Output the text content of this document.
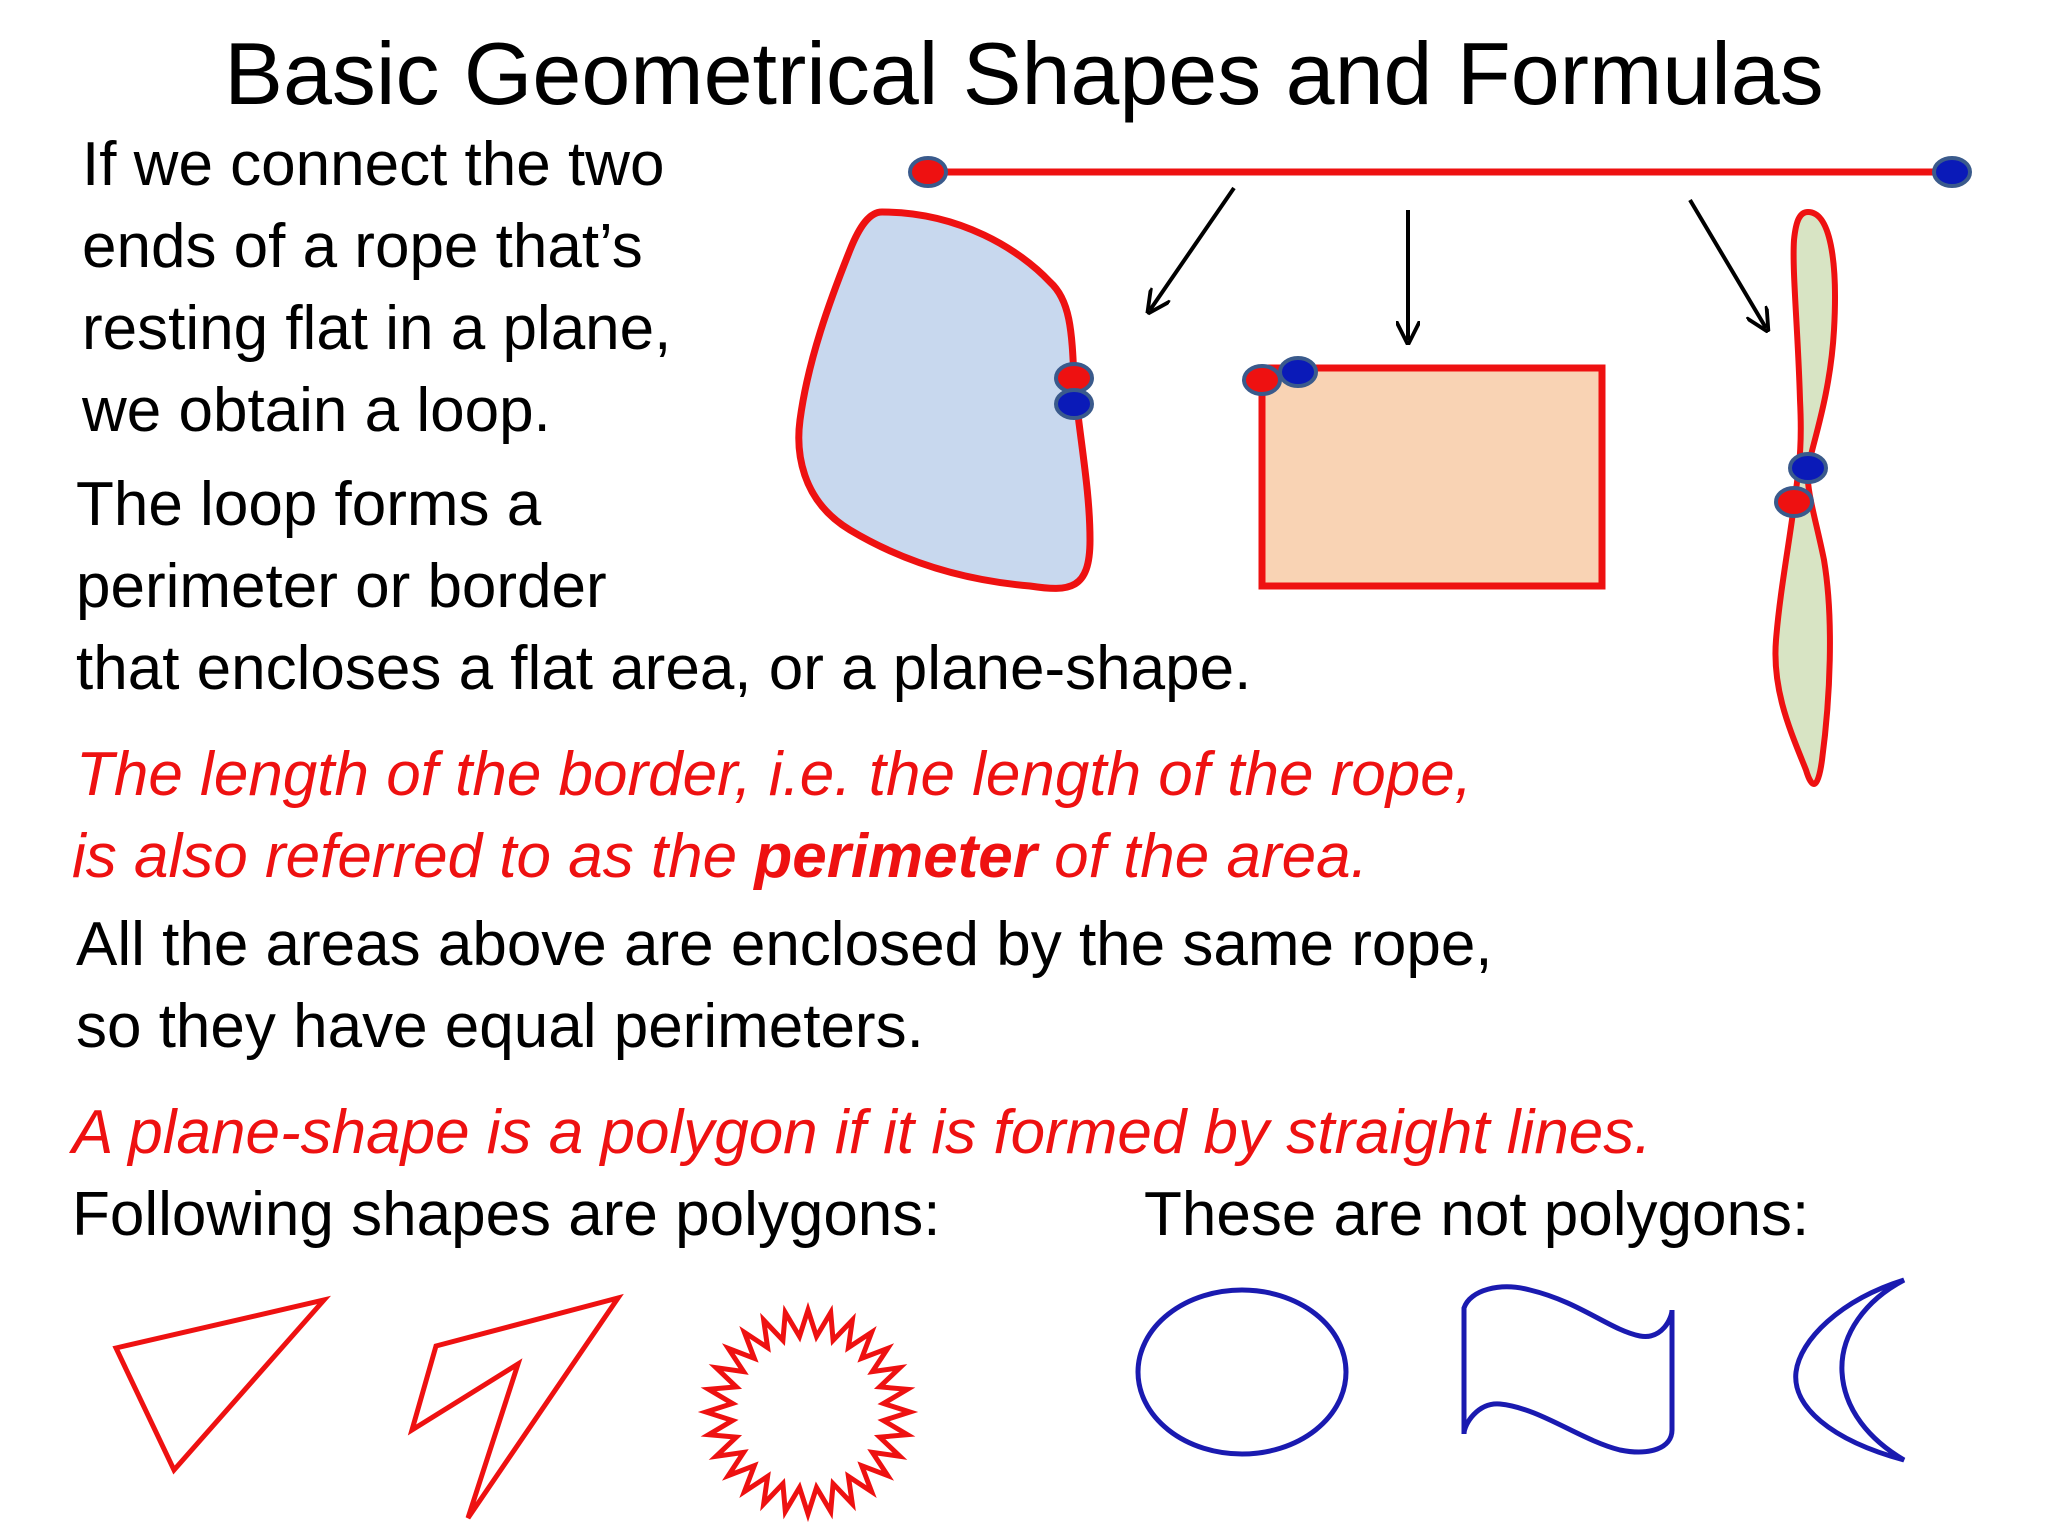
Basic Geometrical Shapes and Formulas

If we connect the two

ends of a rope that’s

resting flat in a plane,

we obtain a loop.

The loop forms a

perimeter or border

that encloses a flat area, or a plane-shape.

The length of the border, i.e. the length of the rope,

is also referred to as the perimeter of the area.

All the areas above are enclosed by the same rope,

so they have equal perimeters.

A plane-shape is a polygon if it is formed by straight lines.

Following shapes are polygons:	These are not polygons:
